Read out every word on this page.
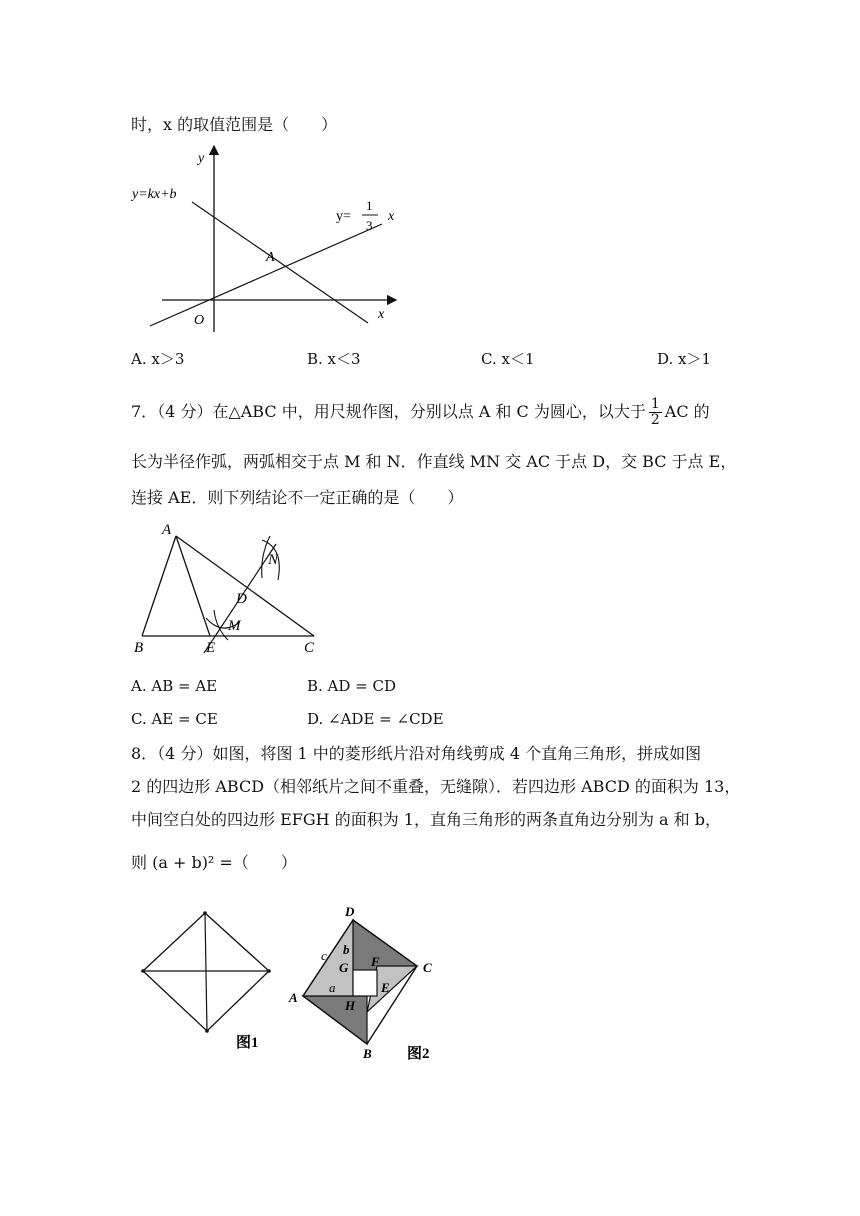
时，x 的取值范围是（　　）
y
x
O
A
y=kx+b
y=
1
3
x
A. x＞3	B. x＜3	C. x＜1	D. x＞1
7．（4 分）在△ABC 中，用尺规作图，分别以点 A 和 C 为圆心，以大于 $\frac{1}{2}$ AC 的
长为半径作弧，两弧相交于点 M 和 N．作直线 MN 交 AC 于点 D，交 BC 于点 E，
连接 AE．则下列结论不一定正确的是（　　）
A
B	C
D
E
M
N
A. AB = AE	B. AD = CD
C. AE = CE	D. ∠ADE = ∠CDE
8．（4 分）如图，将图 1 中的菱形纸片沿对角线剪成 4 个直角三角形，拼成如图
2 的四边形 ABCD（相邻纸片之间不重叠，无缝隙）．若四边形 ABCD 的面积为 13，
中间空白处的四边形 EFGH 的面积为 1，直角三角形的两条直角边分别为 a 和 b，
则 (a + b)² =（　　）
图1
D
C
B
A
G F
E
H
a
b
c
图2
